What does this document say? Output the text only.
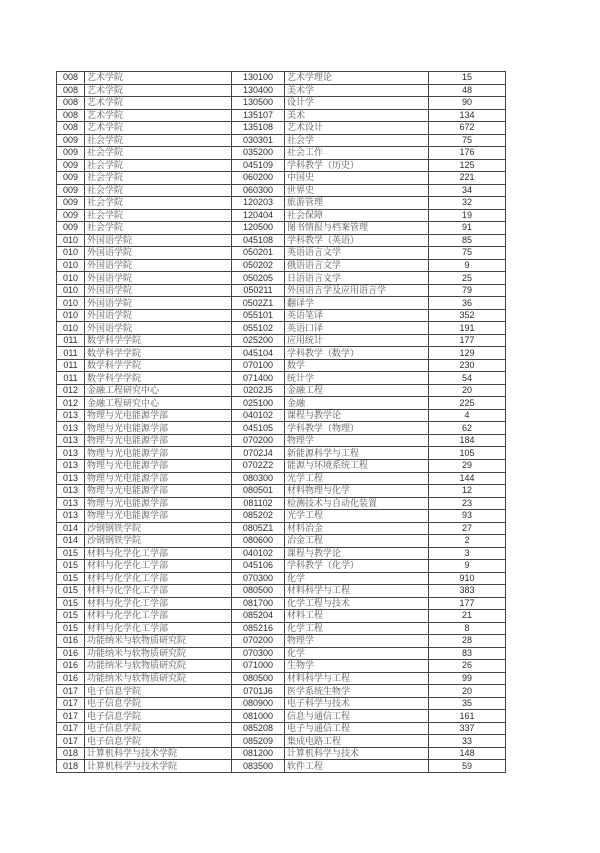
008	艺术学院	130100	艺术学理论	15
008	艺术学院	130400	美术学	48
008	艺术学院	130500	设计学	90
008	艺术学院	135107	美术	134
008	艺术学院	135108	艺术设计	672
009	社会学院	030301	社会学	75
009	社会学院	035200	社会工作	176
009	社会学院	045109	学科教学（历史）	125
009	社会学院	060200	中国史	221
009	社会学院	060300	世界史	34
009	社会学院	120203	旅游管理	32
009	社会学院	120404	社会保障	19
009	社会学院	120500	图书情报与档案管理	91
010	外国语学院	045108	学科教学（英语）	85
010	外国语学院	050201	英语语言文学	75
010	外国语学院	050202	俄语语言文学	9
010	外国语学院	050205	日语语言文学	25
010	外国语学院	050211	外国语言学及应用语言学	79
010	外国语学院	0502Z1	翻译学	36
010	外国语学院	055101	英语笔译	352
010	外国语学院	055102	英语口译	191
011	数学科学学院	025200	应用统计	177
011	数学科学学院	045104	学科教学（数学）	129
011	数学科学学院	070100	数学	230
011	数学科学学院	071400	统计学	54
012	金融工程研究中心	0202J5	金融工程	20
012	金融工程研究中心	025100	金融	225
013	物理与光电能源学部	040102	课程与教学论	4
013	物理与光电能源学部	045105	学科教学（物理）	62
013	物理与光电能源学部	070200	物理学	184
013	物理与光电能源学部	0702J4	新能源科学与工程	105
013	物理与光电能源学部	0702Z2	能源与环境系统工程	29
013	物理与光电能源学部	080300	光学工程	144
013	物理与光电能源学部	080501	材料物理与化学	12
013	物理与光电能源学部	081102	检测技术与自动化装置	23
013	物理与光电能源学部	085202	光学工程	93
014	沙钢钢铁学院	0805Z1	材料冶金	27
014	沙钢钢铁学院	080600	冶金工程	2
015	材料与化学化工学部	040102	课程与教学论	3
015	材料与化学化工学部	045106	学科教学（化学）	9
015	材料与化学化工学部	070300	化学	910
015	材料与化学化工学部	080500	材料科学与工程	383
015	材料与化学化工学部	081700	化学工程与技术	177
015	材料与化学化工学部	085204	材料工程	21
015	材料与化学化工学部	085216	化学工程	8
016	功能纳米与软物质研究院	070200	物理学	28
016	功能纳米与软物质研究院	070300	化学	83
016	功能纳米与软物质研究院	071000	生物学	26
016	功能纳米与软物质研究院	080500	材料科学与工程	99
017	电子信息学院	0701J6	医学系统生物学	20
017	电子信息学院	080900	电子科学与技术	35
017	电子信息学院	081000	信息与通信工程	161
017	电子信息学院	085208	电子与通信工程	337
017	电子信息学院	085209	集成电路工程	33
018	计算机科学与技术学院	081200	计算机科学与技术	148
018	计算机科学与技术学院	083500	软件工程	59
